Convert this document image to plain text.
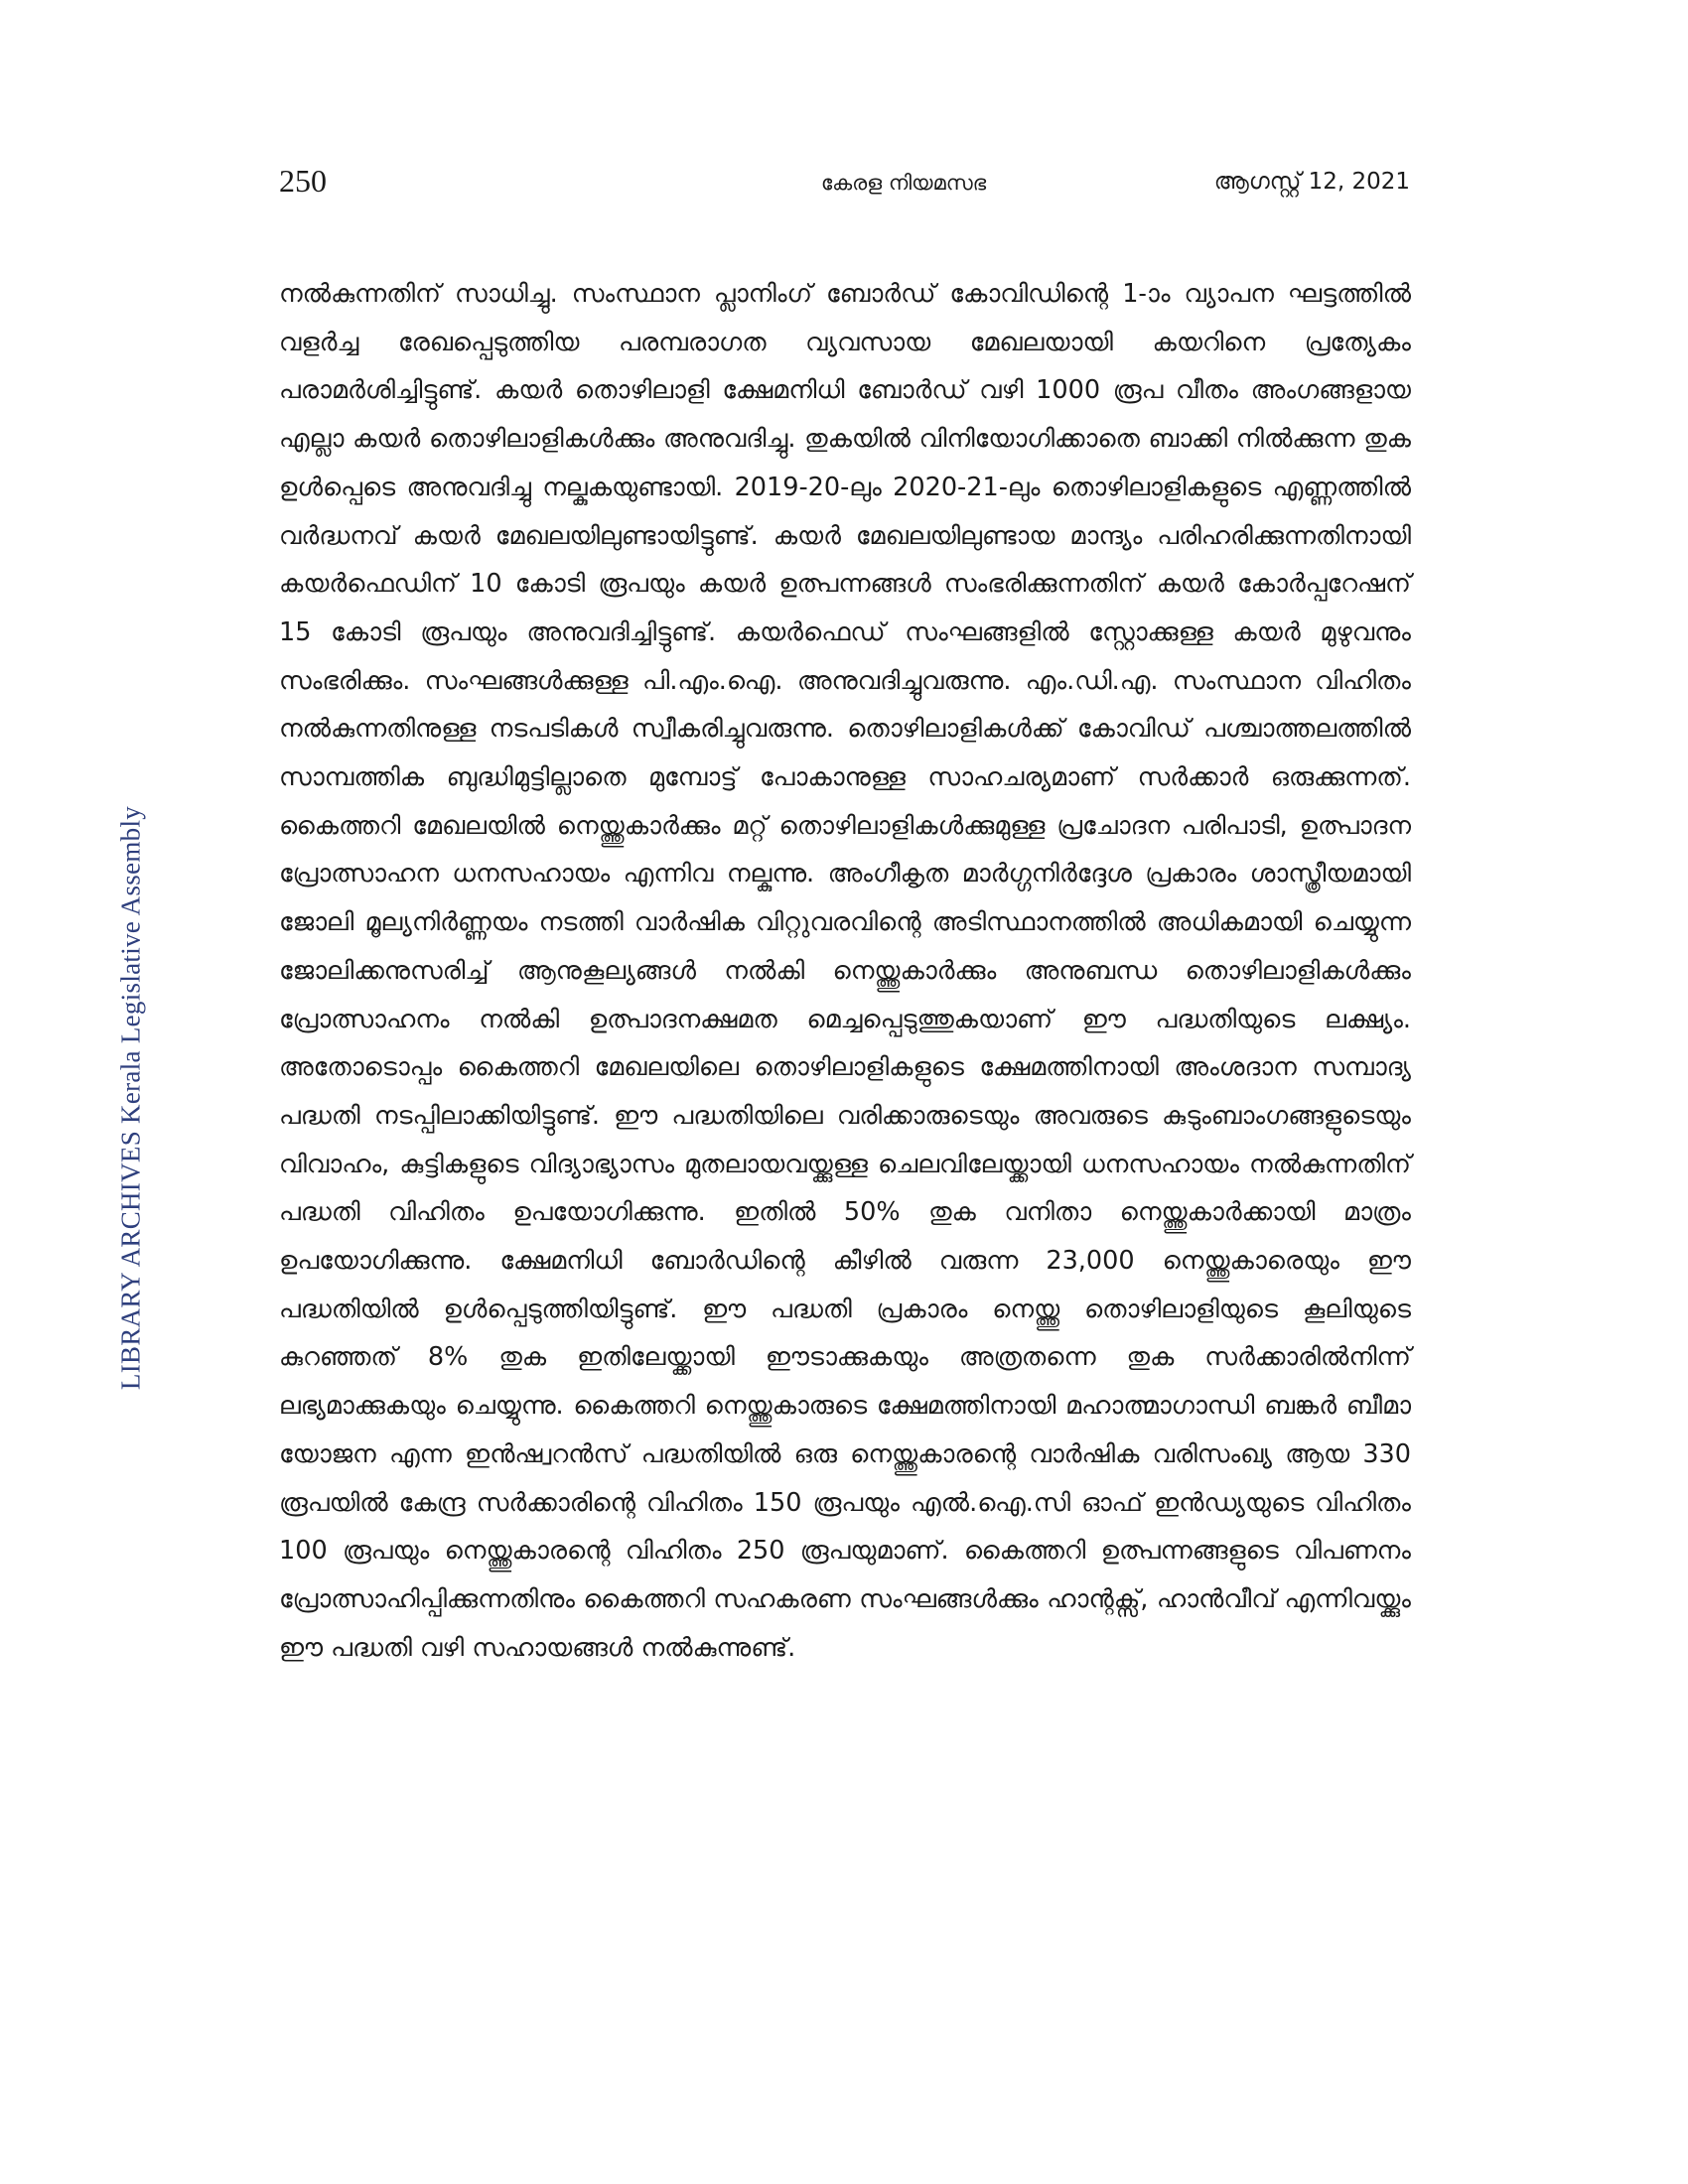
250	കേരള നിയമസഭ	ആഗസ്റ്റ് 12, 2021
LIBRARY ARCHIVES Kerala Legislative Assembly

നൽകുന്നതിന് സാധിച്ചു. സംസ്ഥാന പ്ലാനിംഗ് ബോർഡ് കോവിഡിന്റെ 1-ാം വ്യാപന ഘട്ടത്തിൽ വളർച്ച രേഖപ്പെടുത്തിയ പരമ്പരാഗത വ്യവസായ മേഖലയായി കയറിനെ പ്രത്യേകം പരാമർശിച്ചിട്ടുണ്ട്. കയർ തൊഴിലാളി ക്ഷേമനിധി ബോർഡ് വഴി 1000 രൂപ വീതം അംഗങ്ങളായ എല്ലാ കയർ തൊഴിലാളികൾക്കും അനുവദിച്ചു. തുകയിൽ വിനിയോഗിക്കാതെ ബാക്കി നിൽക്കുന്ന തുക ഉൾപ്പെടെ അനുവദിച്ചു നല്കുകയുണ്ടായി. 2019-20-ലും 2020-21-ലും തൊഴിലാളികളുടെ എണ്ണത്തിൽ വർദ്ധനവ് കയർ മേഖലയിലുണ്ടായിട്ടുണ്ട്. കയർ മേഖലയിലുണ്ടായ മാന്ദ്യം പരിഹരിക്കുന്നതിനായി കയർഫെഡിന് 10 കോടി രൂപയും കയർ ഉത്പന്നങ്ങൾ സംഭരിക്കുന്നതിന് കയർ കോർപ്പറേഷന് 15 കോടി രൂപയും അനുവദിച്ചിട്ടുണ്ട്. കയർഫെഡ് സംഘങ്ങളിൽ സ്റ്റോക്കുള്ള കയർ മുഴുവനും സംഭരിക്കും. സംഘങ്ങൾക്കുള്ള പി.എം.ഐ. അനുവദിച്ചുവരുന്നു. എം.ഡി.എ. സംസ്ഥാന വിഹിതം നൽകുന്നതിനുള്ള നടപടികൾ സ്വീകരിച്ചുവരുന്നു. തൊഴിലാളികൾക്ക് കോവിഡ് പശ്ചാത്തലത്തിൽ സാമ്പത്തിക ബുദ്ധിമുട്ടില്ലാതെ മുമ്പോട്ട് പോകാനുള്ള സാഹചര്യമാണ് സർക്കാർ ഒരുക്കുന്നത്. കൈത്തറി മേഖലയിൽ നെയ്ത്തുകാർക്കും മറ്റ് തൊഴിലാളികൾക്കുമുള്ള പ്രചോദന പരിപാടി, ഉത്പാദന പ്രോത്സാഹന ധനസഹായം എന്നിവ നല്കുന്നു. അംഗീകൃത മാർഗ്ഗനിർദ്ദേശ പ്രകാരം ശാസ്ത്രീയമായി ജോലി മൂല്യനിർണ്ണയം നടത്തി വാർഷിക വിറ്റുവരവിന്റെ അടിസ്ഥാനത്തിൽ അധികമായി ചെയ്യുന്ന ജോലിക്കനുസരിച്ച് ആനുകൂല്യങ്ങൾ നൽകി നെയ്ത്തുകാർക്കും അനുബന്ധ തൊഴിലാളികൾക്കും പ്രോത്സാഹനം നൽകി ഉത്പാദനക്ഷമത മെച്ചപ്പെടുത്തുകയാണ് ഈ പദ്ധതിയുടെ ലക്ഷ്യം. അതോടൊപ്പം കൈത്തറി മേഖലയിലെ തൊഴിലാളികളുടെ ക്ഷേമത്തിനായി അംശദാന സമ്പാദ്യ പദ്ധതി നടപ്പിലാക്കിയിട്ടുണ്ട്. ഈ പദ്ധതിയിലെ വരിക്കാരുടെയും അവരുടെ കുടുംബാംഗങ്ങളുടെയും വിവാഹം, കുട്ടികളുടെ വിദ്യാഭ്യാസം മുതലായവയ്ക്കുള്ള ചെലവിലേയ്ക്കായി ധനസഹായം നൽകുന്നതിന് പദ്ധതി വിഹിതം ഉപയോഗിക്കുന്നു. ഇതിൽ 50% തുക വനിതാ നെയ്ത്തുകാർക്കായി മാത്രം ഉപയോഗിക്കുന്നു. ക്ഷേമനിധി ബോർഡിന്റെ കീഴിൽ വരുന്ന 23,000 നെയ്ത്തുകാരെയും ഈ പദ്ധതിയിൽ ഉൾപ്പെടുത്തിയിട്ടുണ്ട്. ഈ പദ്ധതി പ്രകാരം നെയ്ത്തു തൊഴിലാളിയുടെ കൂലിയുടെ കുറഞ്ഞത് 8% തുക ഇതിലേയ്ക്കായി ഈടാക്കുകയും അത്രതന്നെ തുക സർക്കാരിൽനിന്ന് ലഭ്യമാക്കുകയും ചെയ്യുന്നു. കൈത്തറി നെയ്ത്തുകാരുടെ ക്ഷേമത്തിനായി മഹാത്മാഗാന്ധി ബങ്കർ ബീമാ യോജന എന്ന ഇൻഷ്വറൻസ് പദ്ധതിയിൽ ഒരു നെയ്ത്തുകാരന്റെ വാർഷിക വരിസംഖ്യ ആയ 330 രൂപയിൽ കേന്ദ്ര സർക്കാരിന്റെ വിഹിതം 150 രൂപയും എൽ.ഐ.സി ഓഫ് ഇൻഡ്യയുടെ വിഹിതം 100 രൂപയും നെയ്ത്തുകാരന്റെ വിഹിതം 250 രൂപയുമാണ്. കൈത്തറി ഉത്പന്നങ്ങളുടെ വിപണനം പ്രോത്സാഹിപ്പിക്കുന്നതിനും കൈത്തറി സഹകരണ സംഘങ്ങൾക്കും ഹാന്റക്സ്, ഹാൻവീവ് എന്നിവയ്ക്കും ഈ പദ്ധതി വഴി സഹായങ്ങൾ നൽകുന്നുണ്ട്.
